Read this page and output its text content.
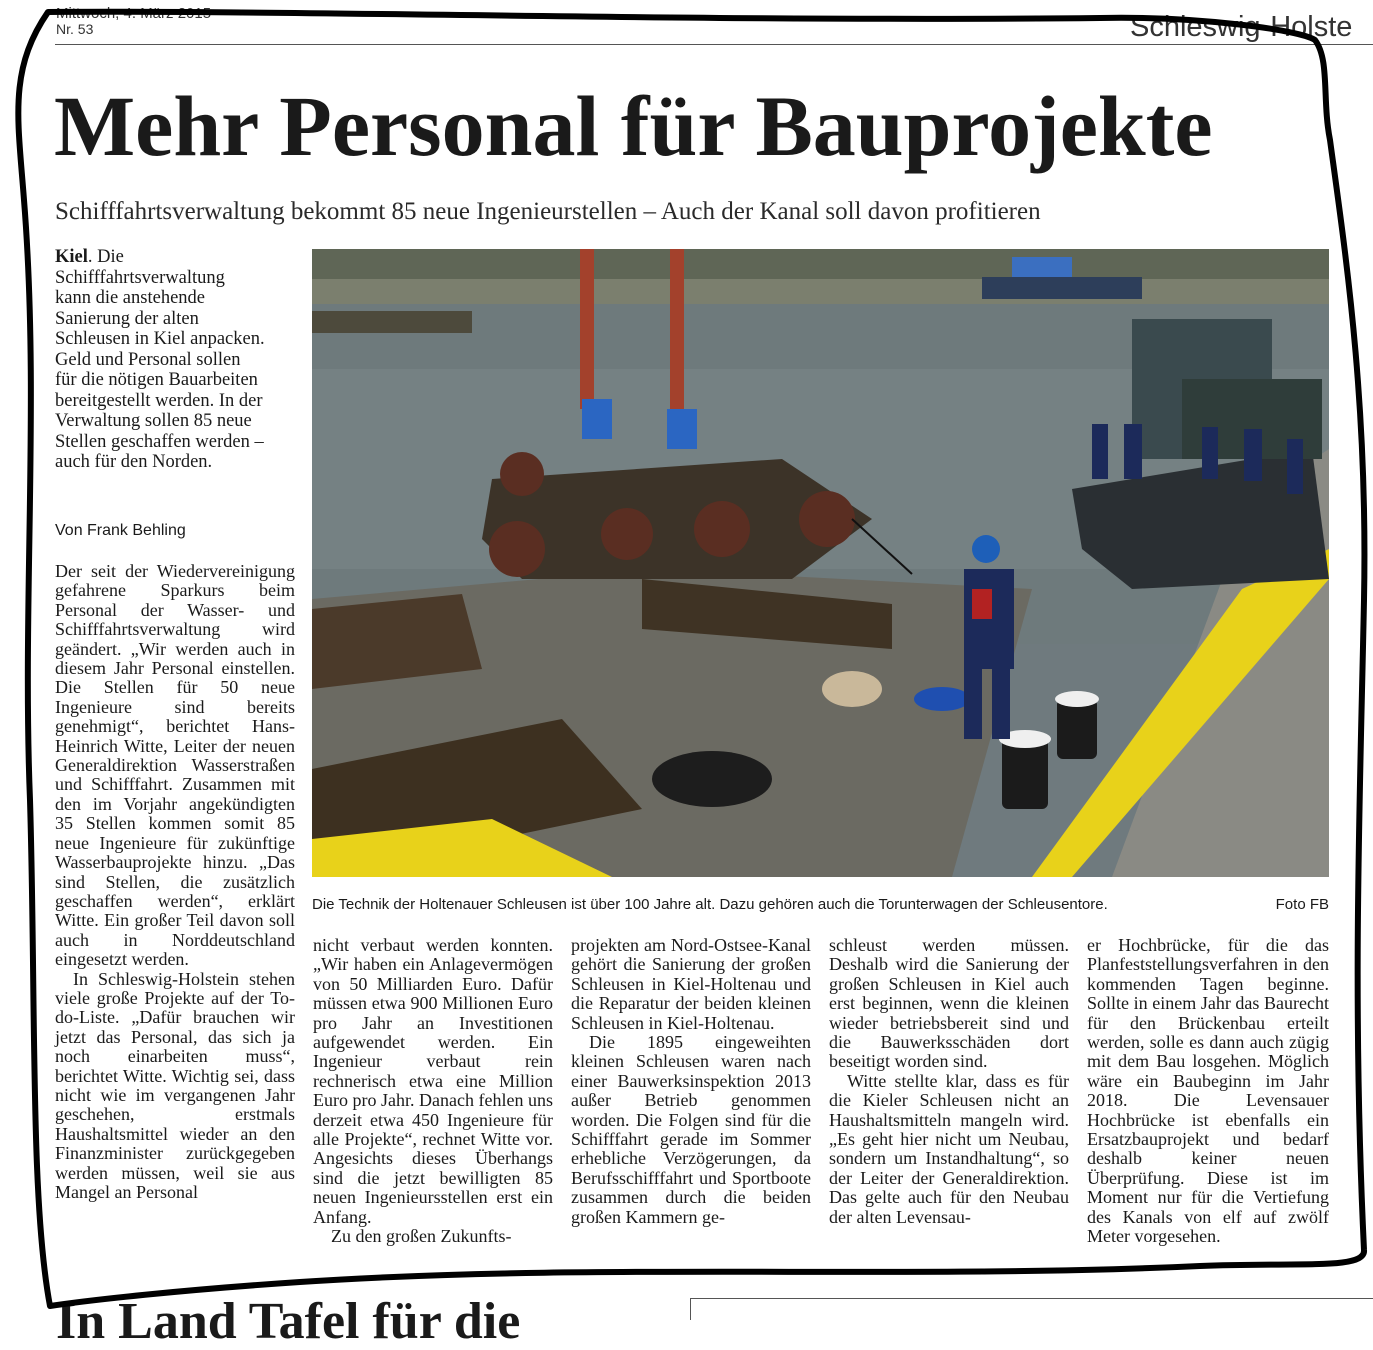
Mittwoch, 4. März 2015
Nr. 53	Schleswig-Holste
Mehr Personal für Bauprojekte
Schifffahrtsverwaltung bekommt 85 neue Ingenieurstellen – Auch der Kanal soll davon profitieren
Kiel. Die Schifffahrtsverwaltung kann die anstehende Sanierung der alten Schleusen in Kiel anpacken. Geld und Personal sollen für die nötigen Bauarbeiten bereitgestellt werden. In der Verwaltung sollen 85 neue Stellen geschaffen werden – auch für den Norden.
Von Frank Behling

Der seit der Wiedervereinigung gefahrene Sparkurs beim Personal der Wasser- und Schifffahrtsverwaltung wird geändert. „Wir werden auch in diesem Jahr Personal einstellen. Die Stellen für 50 neue Ingenieure sind bereits genehmigt“, berichtet Hans-Heinrich Witte, Leiter der neuen Generaldirektion Wasserstraßen und Schifffahrt. Zusammen mit den im Vorjahr angekündigten 35 Stellen kommen somit 85 neue Ingenieure für zukünftige Wasserbauprojekte hinzu. „Das sind Stellen, die zusätzlich geschaffen werden“, erklärt Witte. Ein großer Teil davon soll auch in Norddeutschland eingesetzt werden.

In Schleswig-Holstein stehen viele große Projekte auf der To-do-Liste. „Dafür brauchen wir jetzt das Personal, das sich ja noch einarbeiten muss“, berichtet Witte. Wichtig sei, dass nicht wie im vergangenen Jahr geschehen, erstmals Haushaltsmittel wieder an den Finanzminister zurückgegeben werden müssen, weil sie aus Mangel an Personal

nicht verbaut werden konnten. „Wir haben ein Anlagevermögen von 50 Milliarden Euro. Dafür müssen etwa 900 Millionen Euro pro Jahr an Investitionen aufgewendet werden. Ein Ingenieur verbaut rein rechnerisch etwa eine Million Euro pro Jahr. Danach fehlen uns derzeit etwa 450 Ingenieure für alle Projekte“, rechnet Witte vor. Angesichts dieses Überhangs sind die jetzt bewilligten 85 neuen Ingenieursstellen erst ein Anfang.

Zu den großen Zukunfts-

projekten am Nord-Ostsee-Kanal gehört die Sanierung der großen Schleusen in Kiel-Holtenau und die Reparatur der beiden kleinen Schleusen in Kiel-Holtenau.

Die 1895 eingeweihten kleinen Schleusen waren nach einer Bauwerksinspektion 2013 außer Betrieb genommen worden. Die Folgen sind für die Schifffahrt gerade im Sommer erhebliche Verzögerungen, da Berufsschifffahrt und Sportboote zusammen durch die beiden großen Kammern ge-

schleust werden müssen. Deshalb wird die Sanierung der großen Schleusen in Kiel auch erst beginnen, wenn die kleinen wieder betriebsbereit sind und die Bauwerksschäden dort beseitigt worden sind.

Witte stellte klar, dass es für die Kieler Schleusen nicht an Haushaltsmitteln mangeln wird. „Es geht hier nicht um Neubau, sondern um Instandhaltung“, so der Leiter der Generaldirektion. Das gelte auch für den Neubau der alten Levensau-

er Hochbrücke, für die das Planfeststellungsverfahren in den kommenden Tagen beginne. Sollte in einem Jahr das Baurecht für den Brückenbau erteilt werden, solle es dann auch zügig mit dem Bau losgehen. Möglich wäre ein Baubeginn im Jahr 2018. Die Levensauer Hochbrücke ist ebenfalls ein Ersatzbauprojekt und bedarf deshalb keiner neuen Überprüfung. Diese ist im Moment nur für die Vertiefung des Kanals von elf auf zwölf Meter vorgesehen.

Die Technik der Holtenauer Schleusen ist über 100 Jahre alt. Dazu gehören auch die Torunterwagen der Schleusentore.	Foto FB
In Land Tafel für die
